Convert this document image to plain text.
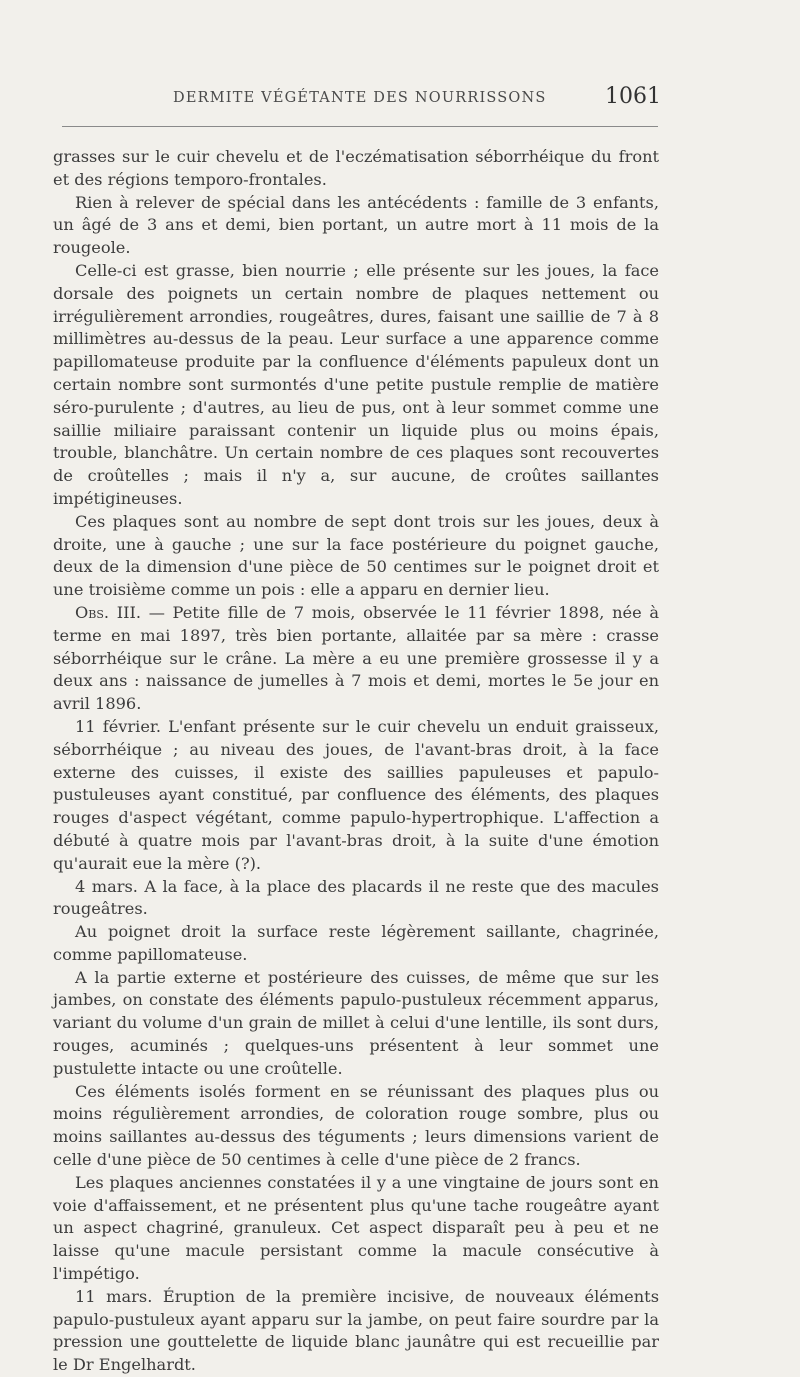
DERMITE VÉGÉTANTE DES NOURRISSONS	1061

grasses sur le cuir chevelu et de l'eczématisation séborrhéique du front et des régions temporo-frontales.

Rien à relever de spécial dans les antécédents : famille de 3 enfants, un âgé de 3 ans et demi, bien portant, un autre mort à 11 mois de la rougeole.

Celle-ci est grasse, bien nourrie ; elle présente sur les joues, la face dorsale des poignets un certain nombre de plaques nettement ou irrégulièrement arrondies, rougeâtres, dures, faisant une saillie de 7 à 8 millimètres au-dessus de la peau. Leur surface a une apparence comme papillomateuse produite par la confluence d'éléments papuleux dont un certain nombre sont surmontés d'une petite pustule remplie de matière séro-purulente ; d'autres, au lieu de pus, ont à leur sommet comme une saillie miliaire paraissant contenir un liquide plus ou moins épais, trouble, blanchâtre. Un certain nombre de ces plaques sont recouvertes de croûtelles ; mais il n'y a, sur aucune, de croûtes saillantes impétigineuses.

Ces plaques sont au nombre de sept dont trois sur les joues, deux à droite, une à gauche ; une sur la face postérieure du poignet gauche, deux de la dimension d'une pièce de 50 centimes sur le poignet droit et une troisième comme un pois : elle a apparu en dernier lieu.

Obs. III. — Petite fille de 7 mois, observée le 11 février 1898, née à terme en mai 1897, très bien portante, allaitée par sa mère : crasse séborrhéique sur le crâne. La mère a eu une première grossesse il y a deux ans : naissance de jumelles à 7 mois et demi, mortes le 5e jour en avril 1896.

11 février. L'enfant présente sur le cuir chevelu un enduit graisseux, séborrhéique ; au niveau des joues, de l'avant-bras droit, à la face externe des cuisses, il existe des saillies papuleuses et papulo-pustuleuses ayant constitué, par confluence des éléments, des plaques rouges d'aspect végétant, comme papulo-hypertrophique. L'affection a débuté à quatre mois par l'avant-bras droit, à la suite d'une émotion qu'aurait eue la mère (?).

4 mars. A la face, à la place des placards il ne reste que des macules rougeâtres.

Au poignet droit la surface reste légèrement saillante, chagrinée, comme papillomateuse.

A la partie externe et postérieure des cuisses, de même que sur les jambes, on constate des éléments papulo-pustuleux récemment apparus, variant du volume d'un grain de millet à celui d'une lentille, ils sont durs, rouges, acuminés ; quelques-uns présentent à leur sommet une pustulette intacte ou une croûtelle.

Ces éléments isolés forment en se réunissant des plaques plus ou moins régulièrement arrondies, de coloration rouge sombre, plus ou moins saillantes au-dessus des téguments ; leurs dimensions varient de celle d'une pièce de 50 centimes à celle d'une pièce de 2 francs.

Les plaques anciennes constatées il y a une vingtaine de jours sont en voie d'affaissement, et ne présentent plus qu'une tache rougeâtre ayant un aspect chagriné, granuleux. Cet aspect disparaît peu à peu et ne laisse qu'une macule persistant comme la macule consécutive à l'impétigo.

11 mars. Éruption de la première incisive, de nouveaux éléments papulo-pustuleux ayant apparu sur la jambe, on peut faire sourdre par la pression une gouttelette de liquide blanc jaunâtre qui est recueillie par le Dr Engelhardt.
